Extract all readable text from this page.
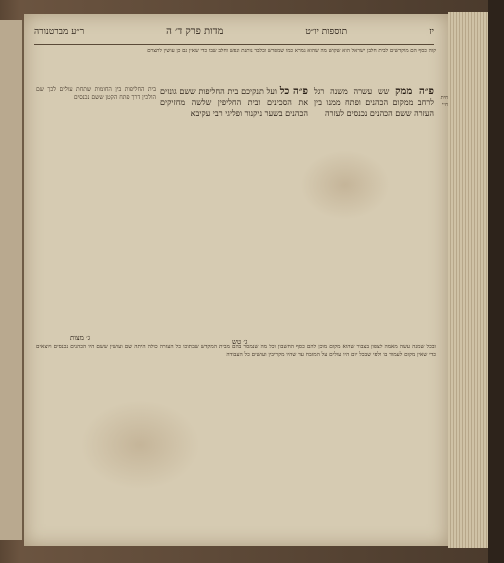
יז
תוספות יו״ט
מדות פרק ד׳ ה
ר״ע מברטנורה
קוה כסף הם מוקדשים לבית חלבן ישראל הוא שקוש מה שהוא גמרא כמו שמפרש ובלבד נותנת ונפש וחלב שבו כדי שאין גם כן עושין לתצרם
פ״ה ממק שש עשרה משנה רגל לרחב ממקום הכהנים ופתח ממנו בין העזרה ששם הכהנים נכנסים לעזרה
פ״ה כל ועל תנקיכם בית החליפות ששם גונזים את הסכינים ובית החליפין שלשה מחזיקים הכהנים בשער ניקנור ופליגי רבי עקיבא
בית החליפות בין החומות שתחת עולים לכך שם הולכין דרך פתח הקטן ששם נכנסים	חית ח״י
ג׳ מצות	ג׳ טש
ובכל שמנה עשה מאמה לצפון בצבור שהוא מקום מוכן להם כסף החשבון וכל מה שנמסר בהם מבית המקדש שבתוכו כל העזרה כולה היתה שם ועושין ששם היו הכהנים נכנסים ויוצאים כדי שאין מקום לעמוד בו ולפי שבכל יום היו עולים על המזבח עד שהיו מקריבין ועושים כל העבודה
